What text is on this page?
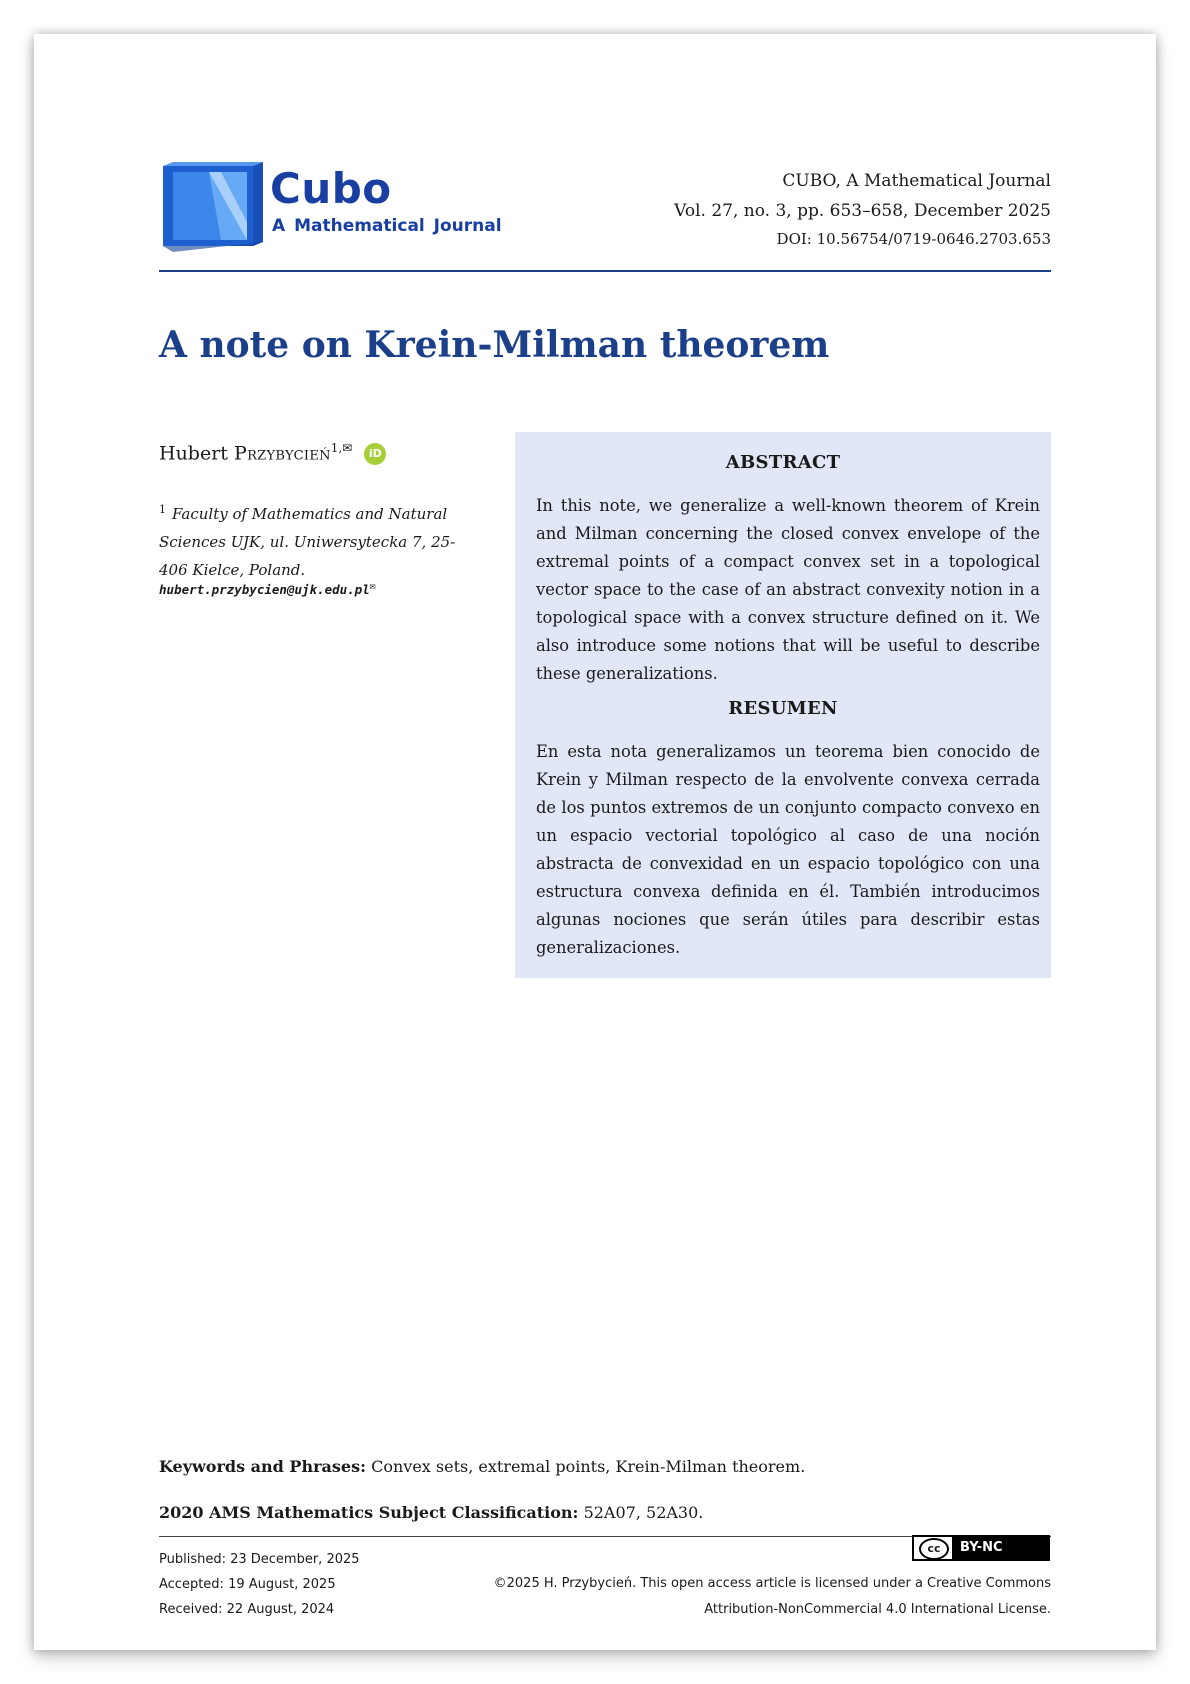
Cubo
A Mathematical Journal
CUBO, A Mathematical Journal
Vol. 27, no. 3, pp. 653–658, December 2025
DOI: 10.56754/0719-0646.2703.653
A note on Krein-Milman theorem
Hubert Przybycień$^{1,✉}$ iD
$^1$ Faculty of Mathematics and Natural Sciences UJK, ul. Uniwersytecka 7, 25-406 Kielce, Poland.
hubert.przybycien@ujk.edu.pl✉
ABSTRACT
In this note, we generalize a well-known theorem of Krein and Milman concerning the closed convex envelope of the extremal points of a compact convex set in a topological vector space to the case of an abstract convexity notion in a topological space with a convex structure defined on it. We also introduce some notions that will be useful to describe these generalizations.
RESUMEN
En esta nota generalizamos un teorema bien conocido de Krein y Milman respecto de la envolvente convexa cerrada de los puntos extremos de un conjunto compacto convexo en un espacio vectorial topológico al caso de una noción abstracta de convexidad en un espacio topológico con una estructura convexa definida en él. También introducimos algunas nociones que serán útiles para describir estas generalizaciones.
Keywords and Phrases: Convex sets, extremal points, Krein-Milman theorem.
2020 AMS Mathematics Subject Classification: 52A07, 52A30.
Published: 23 December, 2025
Accepted: 19 August, 2025
Received: 22 August, 2024
cc	BY-NC
©2025 H. Przybycień. This open access article is licensed under a Creative Commons
Attribution-NonCommercial 4.0 International License.
